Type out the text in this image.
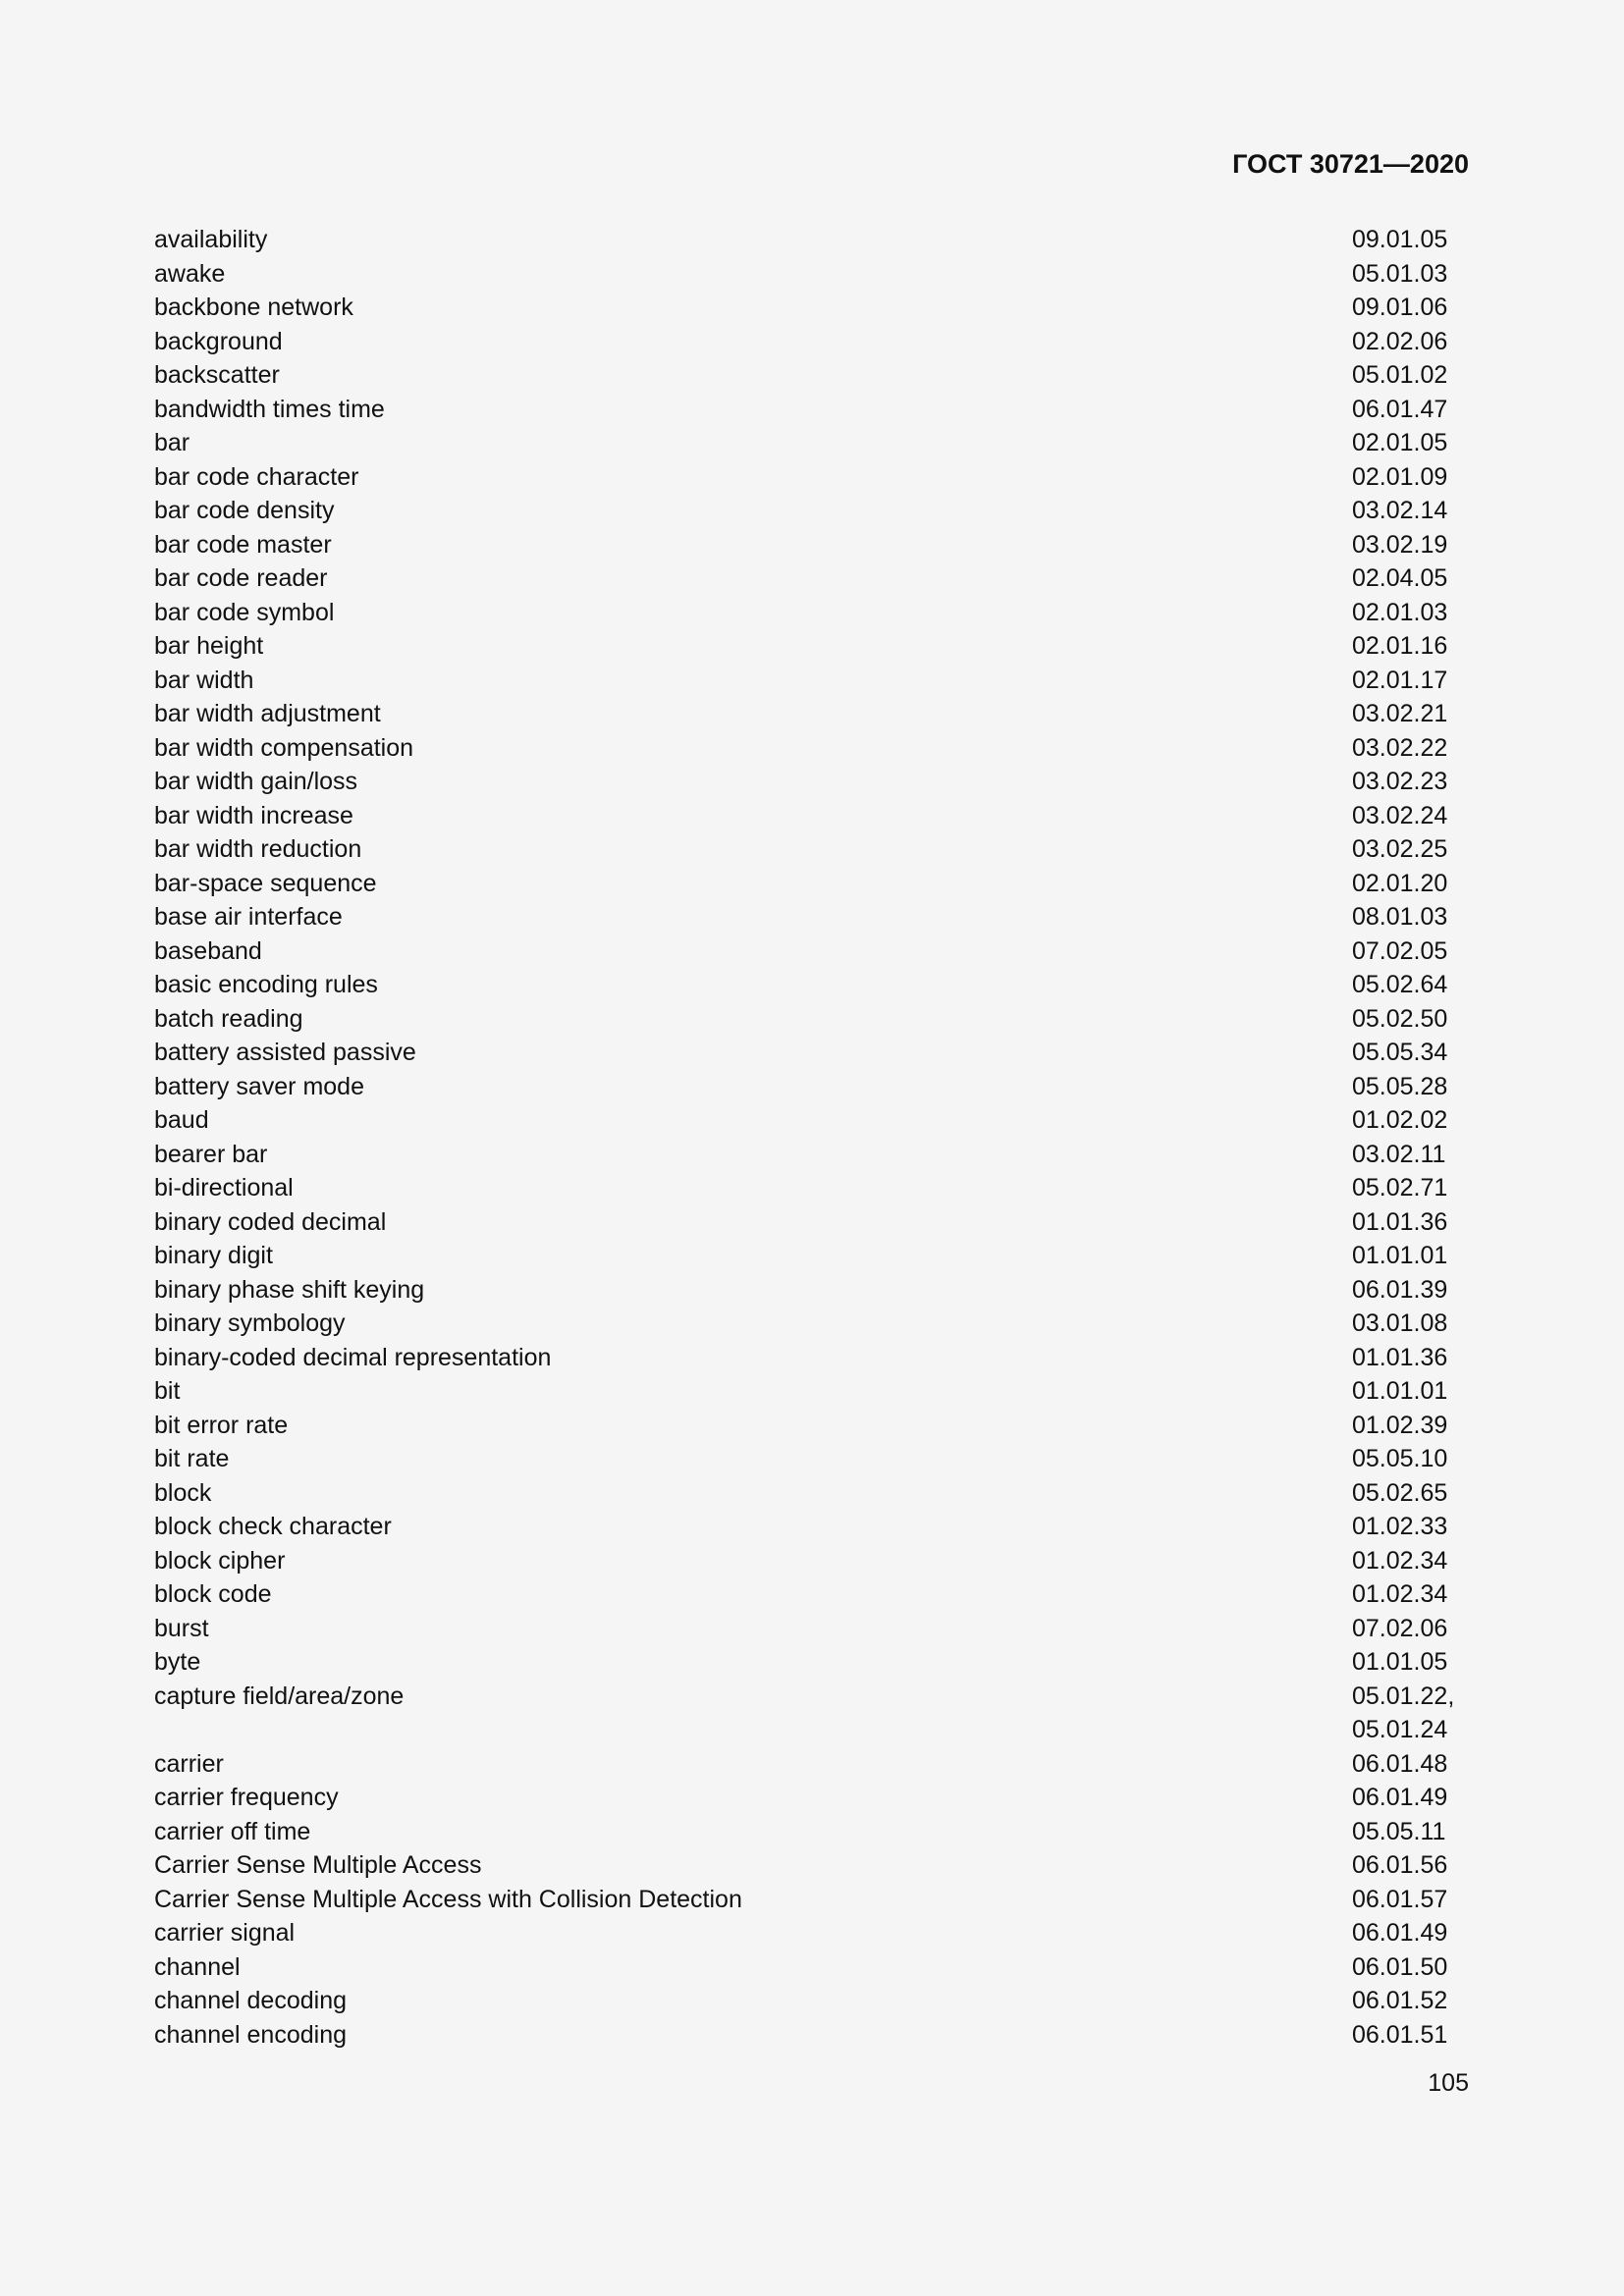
ГОСТ 30721—2020
availability	09.01.05
awake	05.01.03
backbone network	09.01.06
background	02.02.06
backscatter	05.01.02
bandwidth times time	06.01.47
bar	02.01.05
bar code character	02.01.09
bar code density	03.02.14
bar code master	03.02.19
bar code reader	02.04.05
bar code symbol	02.01.03
bar height	02.01.16
bar width	02.01.17
bar width adjustment	03.02.21
bar width compensation	03.02.22
bar width gain/loss	03.02.23
bar width increase	03.02.24
bar width reduction	03.02.25
bar-space sequence	02.01.20
base air interface	08.01.03
baseband	07.02.05
basic encoding rules	05.02.64
batch reading	05.02.50
battery assisted passive	05.05.34
battery saver mode	05.05.28
baud	01.02.02
bearer bar	03.02.11
bi-directional	05.02.71
binary coded decimal	01.01.36
binary digit	01.01.01
binary phase shift keying	06.01.39
binary symbology	03.01.08
binary-coded decimal representation	01.01.36
bit	01.01.01
bit error rate	01.02.39
bit rate	05.05.10
block	05.02.65
block check character	01.02.33
block cipher	01.02.34
block code	01.02.34
burst	07.02.06
byte	01.01.05
capture field/area/zone	05.01.22,
05.01.24
carrier	06.01.48
carrier frequency	06.01.49
carrier off time	05.05.11
Carrier Sense Multiple Access	06.01.56
Carrier Sense Multiple Access with Collision Detection	06.01.57
carrier signal	06.01.49
channel	06.01.50
channel decoding	06.01.52
channel encoding	06.01.51
105
